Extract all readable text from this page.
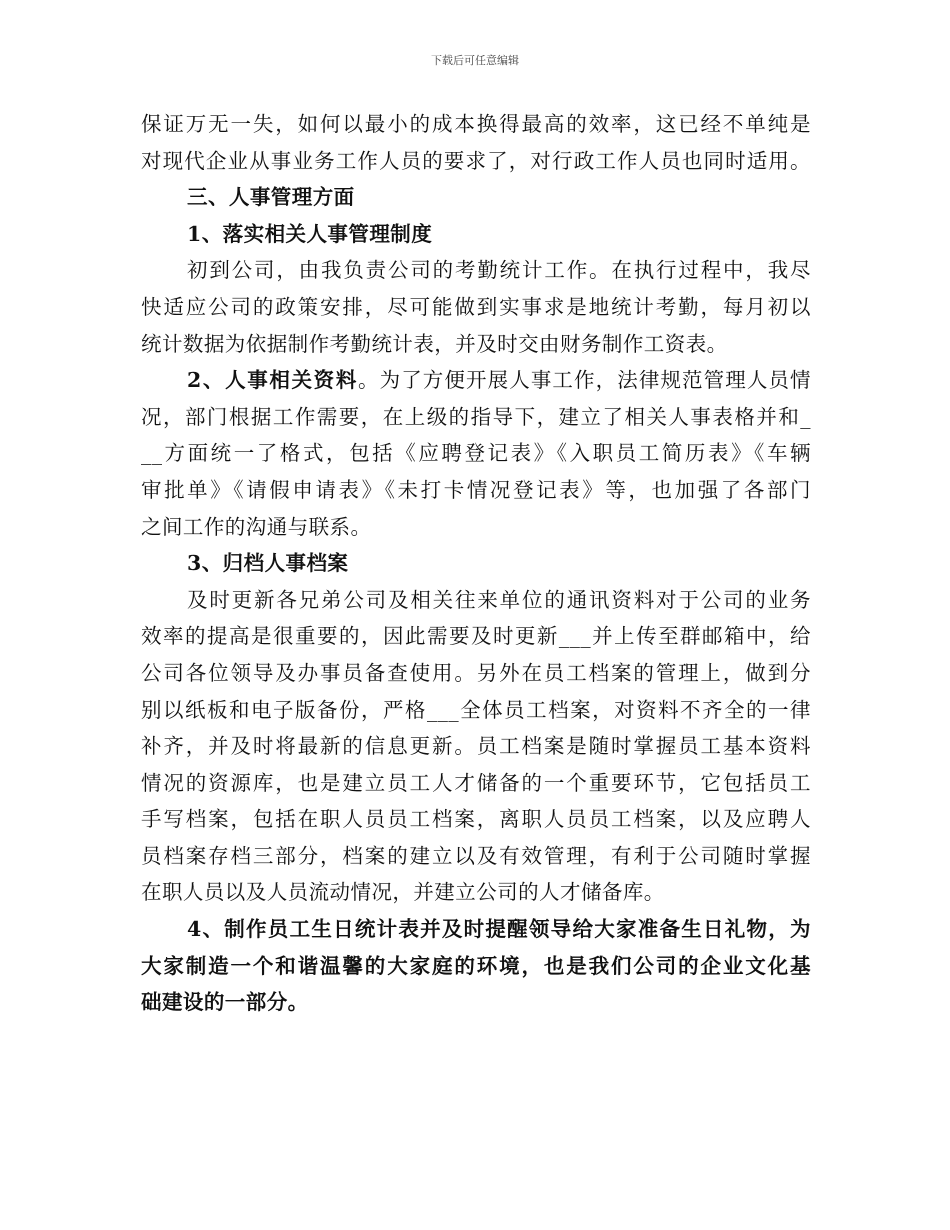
下载后可任意编辑
保证万无一失，如何以最小的成本换得最高的效率，这已经不单纯是
对现代企业从事业务工作人员的要求了，对行政工作人员也同时适用。
三、人事管理方面
1、落实相关人事管理制度
初到公司，由我负责公司的考勤统计工作。在执行过程中，我尽
快适应公司的政策安排，尽可能做到实事求是地统计考勤，每月初以
统计数据为依据制作考勤统计表，并及时交由财务制作工资表。
2、人事相关资料。为了方便开展人事工作，法律规范管理人员情
况，部门根据工作需要，在上级的指导下，建立了相关人事表格并和_
__方面统一了格式，包括《应聘登记表》《入职员工简历表》《车辆
审批单》《请假申请表》《未打卡情况登记表》等，也加强了各部门
之间工作的沟通与联系。
3、归档人事档案
及时更新各兄弟公司及相关往来单位的通讯资料对于公司的业务
效率的提高是很重要的，因此需要及时更新___并上传至群邮箱中，给
公司各位领导及办事员备查使用。另外在员工档案的管理上，做到分
别以纸板和电子版备份，严格___全体员工档案，对资料不齐全的一律
补齐，并及时将最新的信息更新。员工档案是随时掌握员工基本资料
情况的资源库，也是建立员工人才储备的一个重要环节，它包括员工
手写档案，包括在职人员员工档案，离职人员员工档案，以及应聘人
员档案存档三部分，档案的建立以及有效管理，有利于公司随时掌握
在职人员以及人员流动情况，并建立公司的人才储备库。
4、制作员工生日统计表并及时提醒领导给大家准备生日礼物，为
大家制造一个和谐温馨的大家庭的环境，也是我们公司的企业文化基
础建设的一部分。
